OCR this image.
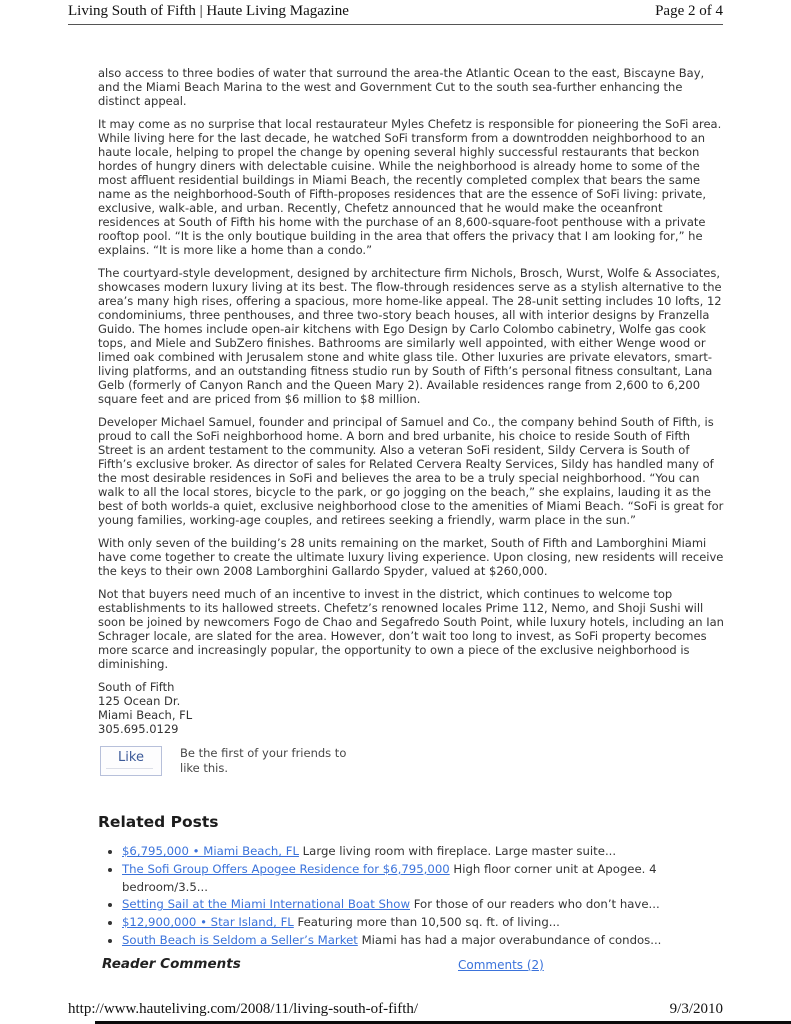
Living South of Fifth | Haute Living Magazine	Page 2 of 4

also access to three bodies of water that surround the area-the Atlantic Ocean to the east, Biscayne Bay, and the Miami Beach Marina to the west and Government Cut to the south sea-further enhancing the distinct appeal.

It may come as no surprise that local restaurateur Myles Chefetz is responsible for pioneering the SoFi area. While living here for the last decade, he watched SoFi transform from a downtrodden neighborhood to an haute locale, helping to propel the change by opening several highly successful restaurants that beckon hordes of hungry diners with delectable cuisine. While the neighborhood is already home to some of the most affluent residential buildings in Miami Beach, the recently completed complex that bears the same name as the neighborhood-South of Fifth-proposes residences that are the essence of SoFi living: private, exclusive, walk-able, and urban. Recently, Chefetz announced that he would make the oceanfront residences at South of Fifth his home with the purchase of an 8,600-square-foot penthouse with a private rooftop pool. “It is the only boutique building in the area that offers the privacy that I am looking for,” he explains. “It is more like a home than a condo.”

The courtyard-style development, designed by architecture firm Nichols, Brosch, Wurst, Wolfe & Associates, showcases modern luxury living at its best. The flow-through residences serve as a stylish alternative to the area’s many high rises, offering a spacious, more home-like appeal. The 28-unit setting includes 10 lofts, 12 condominiums, three penthouses, and three two-story beach houses, all with interior designs by Franzella Guido. The homes include open-air kitchens with Ego Design by Carlo Colombo cabinetry, Wolfe gas cook tops, and Miele and SubZero finishes. Bathrooms are similarly well appointed, with either Wenge wood or limed oak combined with Jerusalem stone and white glass tile. Other luxuries are private elevators, smart-living platforms, and an outstanding fitness studio run by South of Fifth’s personal fitness consultant, Lana Gelb (formerly of Canyon Ranch and the Queen Mary 2). Available residences range from 2,600 to 6,200 square feet and are priced from $6 million to $8 million.

Developer Michael Samuel, founder and principal of Samuel and Co., the company behind South of Fifth, is proud to call the SoFi neighborhood home. A born and bred urbanite, his choice to reside South of Fifth Street is an ardent testament to the community. Also a veteran SoFi resident, Sildy Cervera is South of Fifth’s exclusive broker. As director of sales for Related Cervera Realty Services, Sildy has handled many of the most desirable residences in SoFi and believes the area to be a truly special neighborhood. “You can walk to all the local stores, bicycle to the park, or go jogging on the beach,” she explains, lauding it as the best of both worlds-a quiet, exclusive neighborhood close to the amenities of Miami Beach. “SoFi is great for young families, working-age couples, and retirees seeking a friendly, warm place in the sun.”

With only seven of the building’s 28 units remaining on the market, South of Fifth and Lamborghini Miami have come together to create the ultimate luxury living experience. Upon closing, new residents will receive the keys to their own 2008 Lamborghini Gallardo Spyder, valued at $260,000.

Not that buyers need much of an incentive to invest in the district, which continues to welcome top establishments to its hallowed streets. Chefetz’s renowned locales Prime 112, Nemo, and Shoji Sushi will soon be joined by newcomers Fogo de Chao and Segafredo South Point, while luxury hotels, including an Ian Schrager locale, are slated for the area. However, don’t wait too long to invest, as SoFi property becomes more scarce and increasingly popular, the opportunity to own a piece of the exclusive neighborhood is diminishing.

South of Fifth
125 Ocean Dr.
Miami Beach, FL
305.695.0129
Like	Be the first of your friends to like this.
Related Posts
• $6,795,000 • Miami Beach, FL Large living room with fireplace. Large master suite...
• The Sofi Group Offers Apogee Residence for $6,795,000 High floor corner unit at Apogee. 4 bedroom/3.5...
• Setting Sail at the Miami International Boat Show For those of our readers who don’t have...
• $12,900,000 • Star Island, FL Featuring more than 10,500 sq. ft. of living...
• South Beach is Seldom a Seller’s Market Miami has had a major overabundance of condos...
Reader Comments	Comments (2)
http://www.hauteliving.com/2008/11/living-south-of-fifth/	9/3/2010
